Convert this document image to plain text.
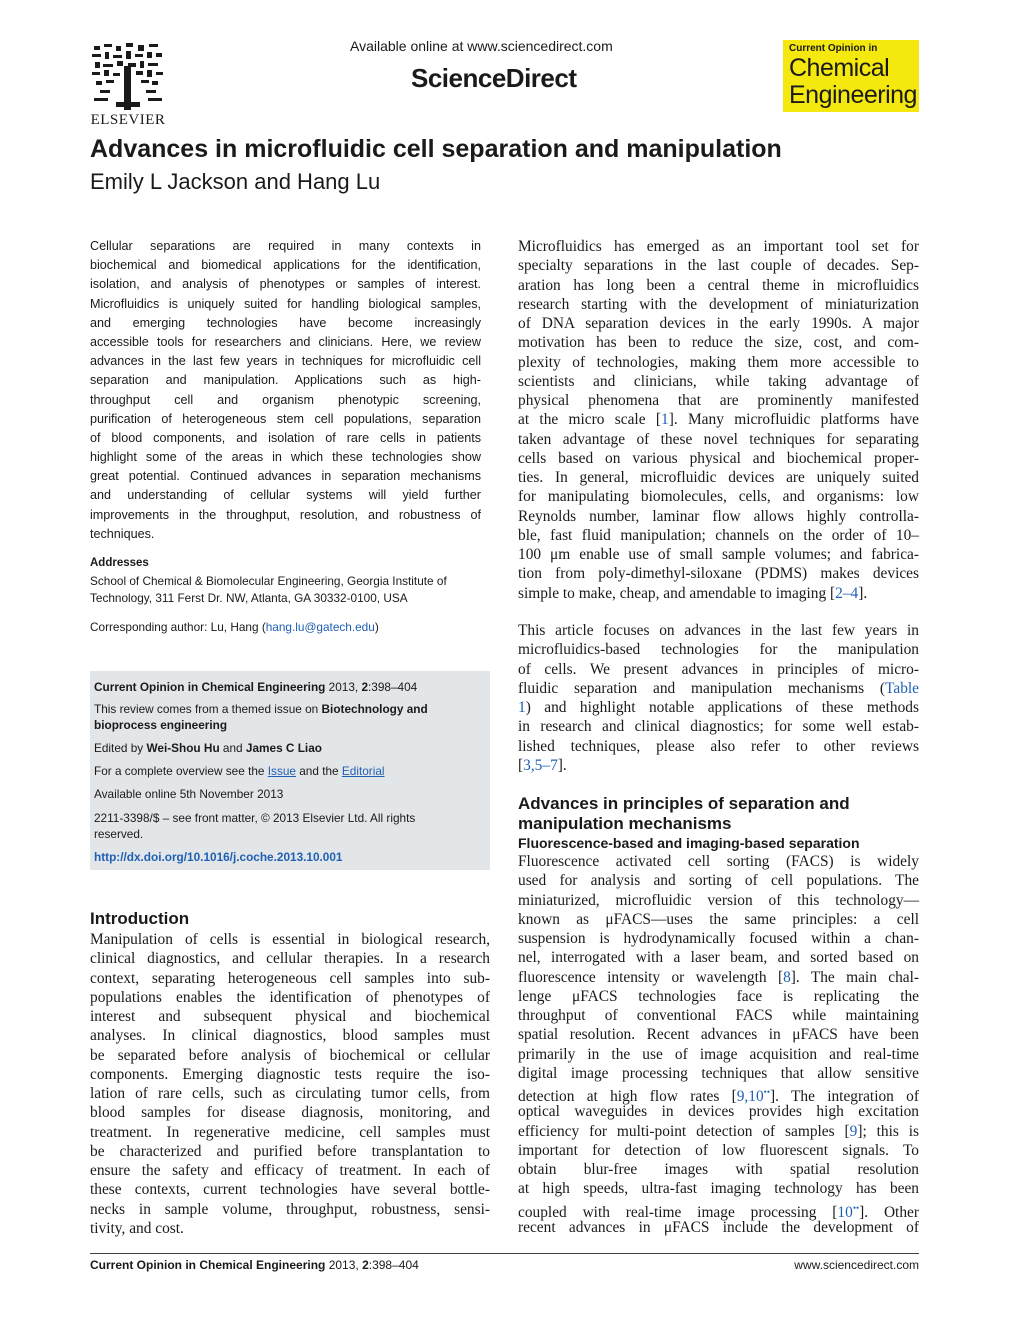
ELSEVIER
Available online at www.sciencedirect.com
ScienceDirect
Current Opinion in
Chemical
Engineering
Advances in microfluidic cell separation and manipulation
Emily L Jackson and Hang Lu
Cellular separations are required in many contexts in
biochemical and biomedical applications for the identification,
isolation, and analysis of phenotypes or samples of interest.
Microfluidics is uniquely suited for handling biological samples,
and emerging technologies have become increasingly
accessible tools for researchers and clinicians. Here, we review
advances in the last few years in techniques for microfluidic cell
separation and manipulation. Applications such as high-
throughput cell and organism phenotypic screening,
purification of heterogeneous stem cell populations, separation
of blood components, and isolation of rare cells in patients
highlight some of the areas in which these technologies show
great potential. Continued advances in separation mechanisms
and understanding of cellular systems will yield further
improvements in the throughput, resolution, and robustness of
techniques.
Addresses
School of Chemical & Biomolecular Engineering, Georgia Institute of
Technology, 311 Ferst Dr. NW, Atlanta, GA 30332-0100, USA
Corresponding author: Lu, Hang (hang.lu@gatech.edu)
Current Opinion in Chemical Engineering 2013, 2:398–404
This review comes from a themed issue on Biotechnology and
bioprocess engineering
Edited by Wei-Shou Hu and James C Liao
For a complete overview see the Issue and the Editorial
Available online 5th November 2013
2211-3398/$ – see front matter, © 2013 Elsevier Ltd. All rights
reserved.
http://dx.doi.org/10.1016/j.coche.2013.10.001
Introduction
Manipulation of cells is essential in biological research,
clinical diagnostics, and cellular therapies. In a research
context, separating heterogeneous cell samples into sub-
populations enables the identification of phenotypes of
interest and subsequent physical and biochemical
analyses. In clinical diagnostics, blood samples must
be separated before analysis of biochemical or cellular
components. Emerging diagnostic tests require the iso-
lation of rare cells, such as circulating tumor cells, from
blood samples for disease diagnosis, monitoring, and
treatment. In regenerative medicine, cell samples must
be characterized and purified before transplantation to
ensure the safety and efficacy of treatment. In each of
these contexts, current technologies have several bottle-
necks in sample volume, throughput, robustness, sensi-
tivity, and cost.
Microfluidics has emerged as an important tool set for
specialty separations in the last couple of decades. Sep-
aration has long been a central theme in microfluidics
research starting with the development of miniaturization
of DNA separation devices in the early 1990s. A major
motivation has been to reduce the size, cost, and com-
plexity of technologies, making them more accessible to
scientists and clinicians, while taking advantage of
physical phenomena that are prominently manifested
at the micro scale [1]. Many microfluidic platforms have
taken advantage of these novel techniques for separating
cells based on various physical and biochemical proper-
ties. In general, microfluidic devices are uniquely suited
for manipulating biomolecules, cells, and organisms: low
Reynolds number, laminar flow allows highly controlla-
ble, fast fluid manipulation; channels on the order of 10–
100 μm enable use of small sample volumes; and fabrica-
tion from poly-dimethyl-siloxane (PDMS) makes devices
simple to make, cheap, and amendable to imaging [2–4].
This article focuses on advances in the last few years in
microfluidics-based technologies for the manipulation
of cells. We present advances in principles of micro-
fluidic separation and manipulation mechanisms (Table
1) and highlight notable applications of these methods
in research and clinical diagnostics; for some well estab-
lished techniques, please also refer to other reviews
[3,5–7].
Advances in principles of separation and
manipulation mechanisms
Fluorescence-based and imaging-based separation
Fluorescence activated cell sorting (FACS) is widely
used for analysis and sorting of cell populations. The
miniaturized, microfluidic version of this technology—
known as μFACS—uses the same principles: a cell
suspension is hydrodynamically focused within a chan-
nel, interrogated with a laser beam, and sorted based on
fluorescence intensity or wavelength [8]. The main chal-
lenge μFACS technologies face is replicating the
throughput of conventional FACS while maintaining
spatial resolution. Recent advances in μFACS have been
primarily in the use of image acquisition and real-time
digital image processing techniques that allow sensitive
detection at high flow rates [9,10••]. The integration of
optical waveguides in devices provides high excitation
efficiency for multi-point detection of samples [9]; this is
important for detection of low fluorescent signals. To
obtain blur-free images with spatial resolution
at high speeds, ultra-fast imaging technology has been
coupled with real-time image processing [10••]. Other
recent advances in μFACS include the development of
Current Opinion in Chemical Engineering 2013, 2:398–404	www.sciencedirect.com
